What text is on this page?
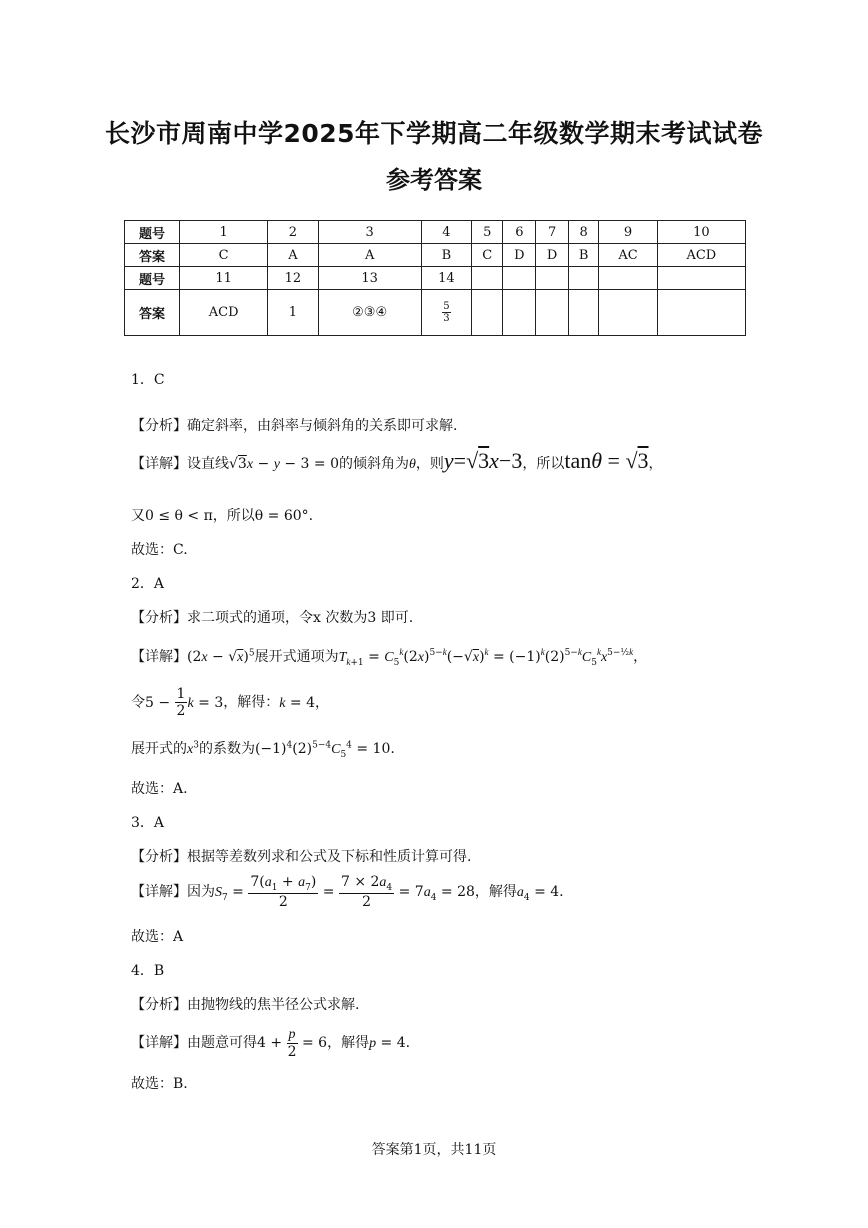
长沙市周南中学2025年下学期高二年级数学期末考试试卷
参考答案
题号	1	2	3	4	5	6	7	8	9	10
答案	C	A	A	B	C	D	D	B	AC	ACD
题号	11	12	13	14						
答案	ACD	1	②③④	$\frac{5}{3}$

1．C
【分析】确定斜率，由斜率与倾斜角的关系即可求解.
【详解】设直线√3x − y − 3 = 0的倾斜角为θ，则y=√3x−3，所以tanθ = √3，
又0 ≤ θ < π，所以θ = 60°.
故选：C.
2．A
【分析】求二项式的通项，令x 次数为3 即可.
【详解】$(2x - √x)^5$展开式通项为$T_{k+1} = C_5^k(2x)^{5-k}(-√x)^k = (-1)^k(2)^{5-k}C_5^kx^{5-\frac{1}{2}k}$，
令$5 - \frac{1}{2}$ k = 3，解得：k = 4，
展开式的$x^3$的系数为$(-1)^4(2)^{5-4}C_5^4 = 10$.
故选：A.
3．A
【分析】根据等差数列求和公式及下标和性质计算可得.
【详解】因为$S_7 = \frac{7(a_1 + a_7)}{2} = \frac{7 \times 2a_4}{2} = 7a_4 = 28$，解得$a_4 = 4$.
故选：A
4．B
【分析】由抛物线的焦半径公式求解.
【详解】由题意可得$4 + \frac{p}{2} = 6$，解得p = 4.
故选：B.
答案第1页，共11页
